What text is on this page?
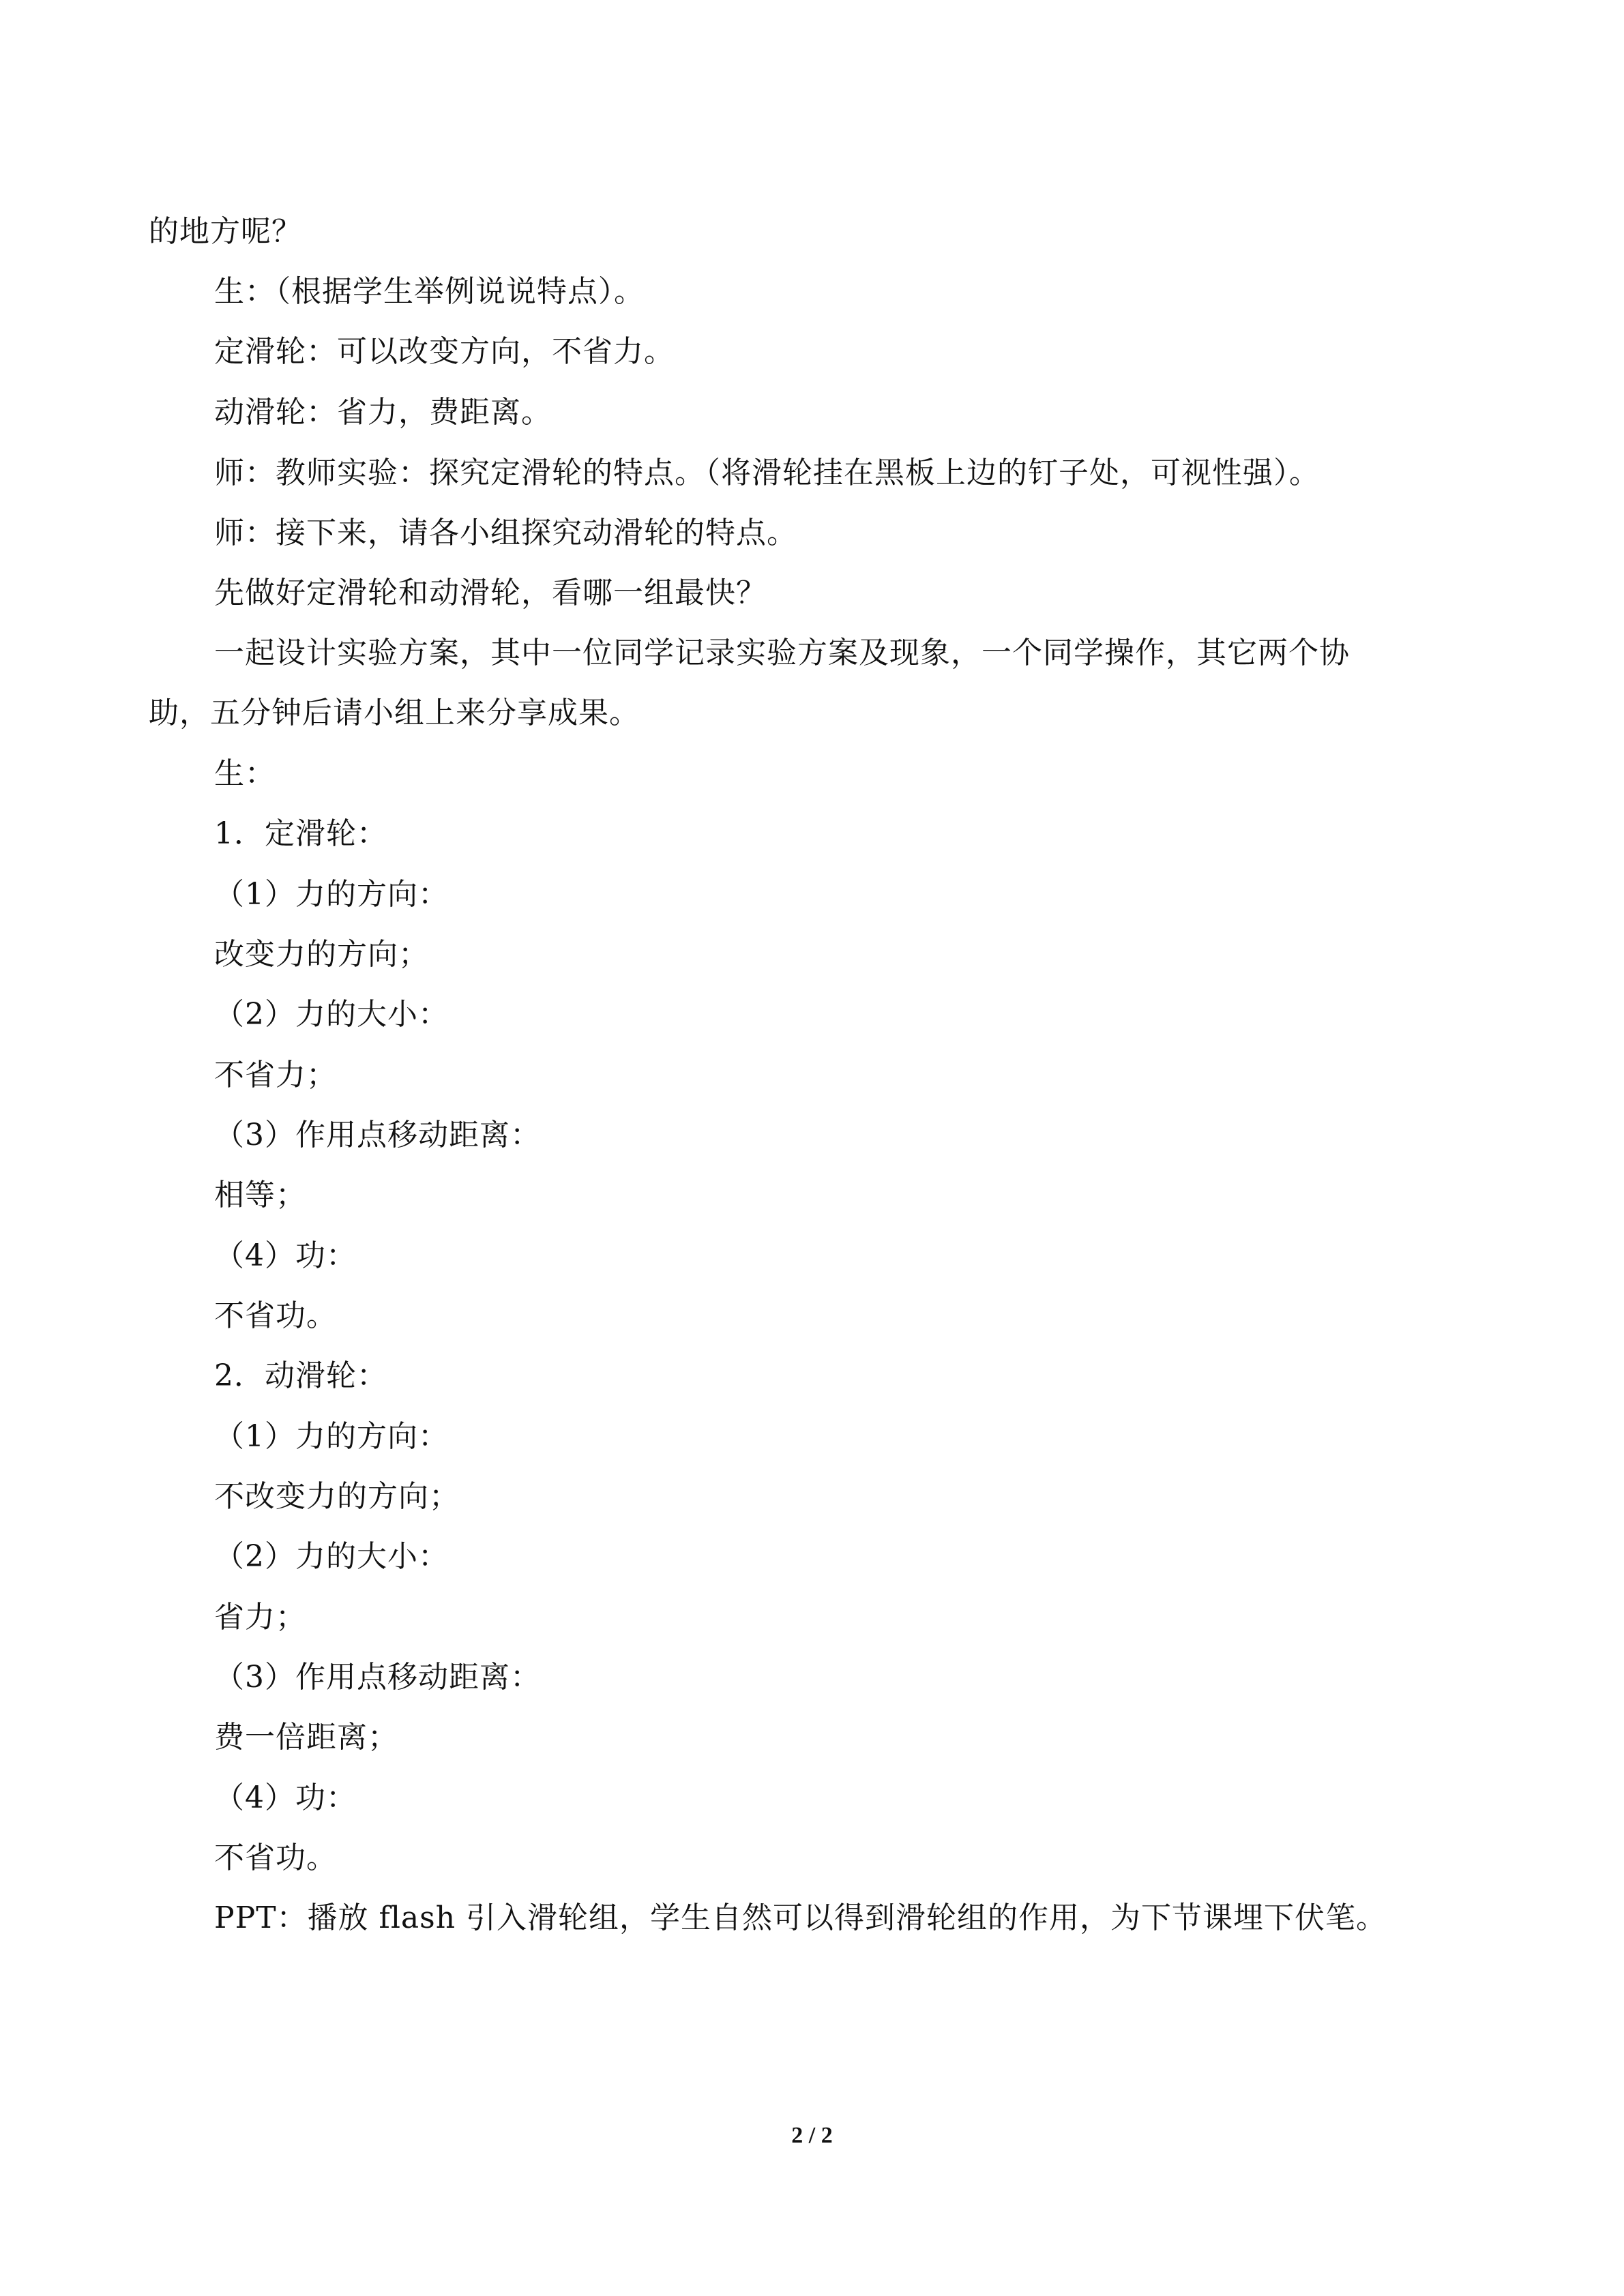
的地方呢？
生：（根据学生举例说说特点）。
定滑轮：可以改变方向，不省力。
动滑轮：省力，费距离。
师：教师实验：探究定滑轮的特点。（将滑轮挂在黑板上边的钉子处，可视性强）。
师：接下来，请各小组探究动滑轮的特点。
先做好定滑轮和动滑轮，看哪一组最快？
一起设计实验方案，其中一位同学记录实验方案及现象，一个同学操作，其它两个协
助，五分钟后请小组上来分享成果。
生：
1．定滑轮：
（1）力的方向：
改变力的方向；
（2）力的大小：
不省力；
（3）作用点移动距离：
相等；
（4）功：
不省功。
2．动滑轮：
（1）力的方向：
不改变力的方向；
（2）力的大小：
省力；
（3）作用点移动距离：
费一倍距离；
（4）功：
不省功。
PPT：播放 flash 引入滑轮组，学生自然可以得到滑轮组的作用，为下节课埋下伏笔。
2 / 2
